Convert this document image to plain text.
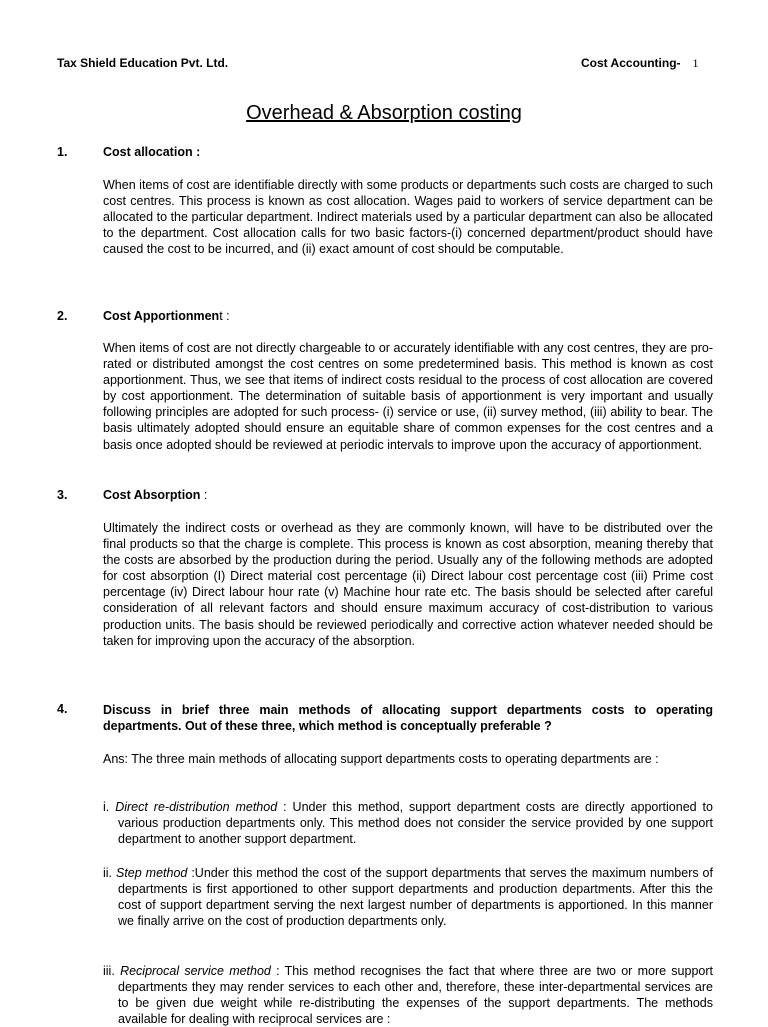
Tax Shield Education Pvt. Ltd.	Cost Accounting- 1
Overhead & Absorption costing
1.	Cost allocation :
When items of cost are identifiable directly with some products or departments such costs are charged to such cost centres. This process is known as cost allocation. Wages paid to workers of service department can be allocated to the particular department. Indirect materials used by a particular department can also be allocated to the department. Cost allocation calls for two basic factors-(i) concerned department/product should have caused the cost to be incurred, and (ii) exact amount of cost should be computable.
2.	Cost Apportionment :
When items of cost are not directly chargeable to or accurately identifiable with any cost centres, they are pro-rated or distributed amongst the cost centres on some predetermined basis. This method is known as cost apportionment. Thus, we see that items of indirect costs residual to the process of cost allocation are covered by cost apportionment. The determination of suitable basis of apportionment is very important and usually following principles are adopted for such process- (i) service or use, (ii) survey method, (iii) ability to bear. The basis ultimately adopted should ensure an equitable share of common expenses for the cost centres and a basis once adopted should be reviewed at periodic intervals to improve upon the accuracy of apportionment.
3.	Cost Absorption :
Ultimately the indirect costs or overhead as they are commonly known, will have to be distributed over the final products so that the charge is complete. This process is known as cost absorption, meaning thereby that the costs are absorbed by the production during the period. Usually any of the following methods are adopted for cost absorption (I) Direct material cost percentage (ii) Direct labour cost percentage cost (iii) Prime cost percentage (iv) Direct labour hour rate (v) Machine hour rate etc. The basis should be selected after careful consideration of all relevant factors and should ensure maximum accuracy of cost-distribution to various production units. The basis should be reviewed periodically and corrective action whatever needed should be taken for improving upon the accuracy of the absorption.
4.	Discuss in brief three main methods of allocating support departments costs to operating departments. Out of these three, which method is conceptually preferable ?
Ans: The three main methods of allocating support departments costs to operating departments are :
i. Direct re-distribution method : Under this method, support department costs are directly apportioned to various production departments only. This method does not consider the service provided by one support department to another support department.
ii. Step method :Under this method the cost of the support departments that serves the maximum numbers of departments is first apportioned to other support departments and production departments. After this the cost of support department serving the next largest number of departments is apportioned. In this manner we finally arrive on the cost of production departments only.
iii. Reciprocal service method : This method recognises the fact that where three are two or more support departments they may render services to each other and, therefore, these inter-departmental services are to be given due weight while re-distributing the expenses of the support departments. The methods available for dealing with reciprocal services are :
